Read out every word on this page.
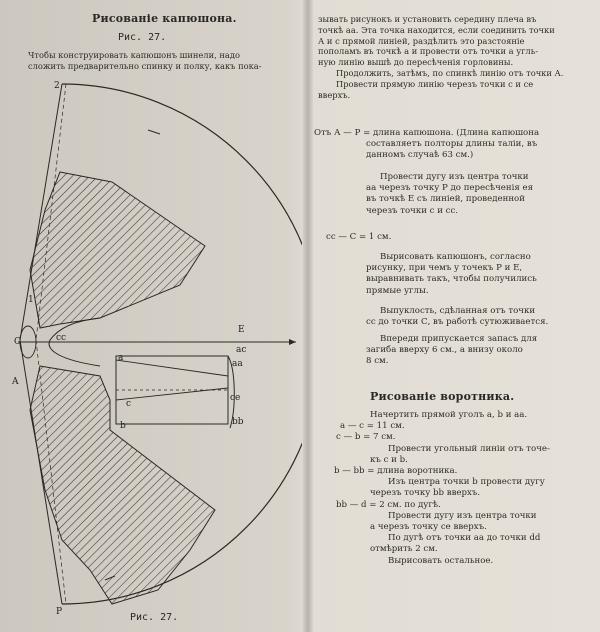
Рисованіе капюшона.
Рис. 27.

Чтобы конструировать капюшонъ шинели, надо

сложить предварительно спинку и полку, какъ пока-

2
P
A
C
c
b
ce
a
аа
ас
сс
bb
1
E
Рис. 27.

зывать рисунокъ и установить середину плеча въ

точкѣ аа. Эта точка находится, если соединить точки

А и с прямой линіей, раздѣлить это разстояніе

пополамъ въ точкѣ а и провести отъ точки а угль-

ную линію вышѣ до пересѣченія горловины.

Продолжить, затѣмъ, по спинкѣ линію отъ точки А.

Провести прямую линію черезъ точки с и се

вверхъ.

Отъ А — Р = длина капюшона. (Длина капюшона

составляетъ полторы длины таліи, въ

данномъ случаѣ 63 см.)

Провести дугу изъ центра точки

аа черезъ точку Р до пересѣченія ея

въ точкѣ Е съ линіей, проведенной

черезъ точки с и сс.

сс — С = 1 см.

Вырисовать капюшонъ, согласно

рисунку, при чемъ у точекъ Р и Е,

выравнивать такъ, чтобы получились

прямые углы.

Выпуклость, сдѣланная отъ точки

сс до точки С, въ работѣ сутюживается.

Впереди припускается запасъ для

загиба вверху 6 см., а внизу около

8 см.

Рисованіе воротника.

Начертить прямой уголъ а, b и аа.

а — с = 11 см.

с — b = 7 см.

Провести угольный линіи отъ точе-

къ с и b.

b — bb = длина воротника.

Изъ центра точки b провести дугу

черезъ точку bb вверхъ.

bb — d = 2 см. по дугѣ.

Провести дугу изъ центра точки

а черезъ точку се вверхъ.

По дугѣ отъ точки аа до точки dd

отмѣрить 2 см.

Вырисовать остальное.
